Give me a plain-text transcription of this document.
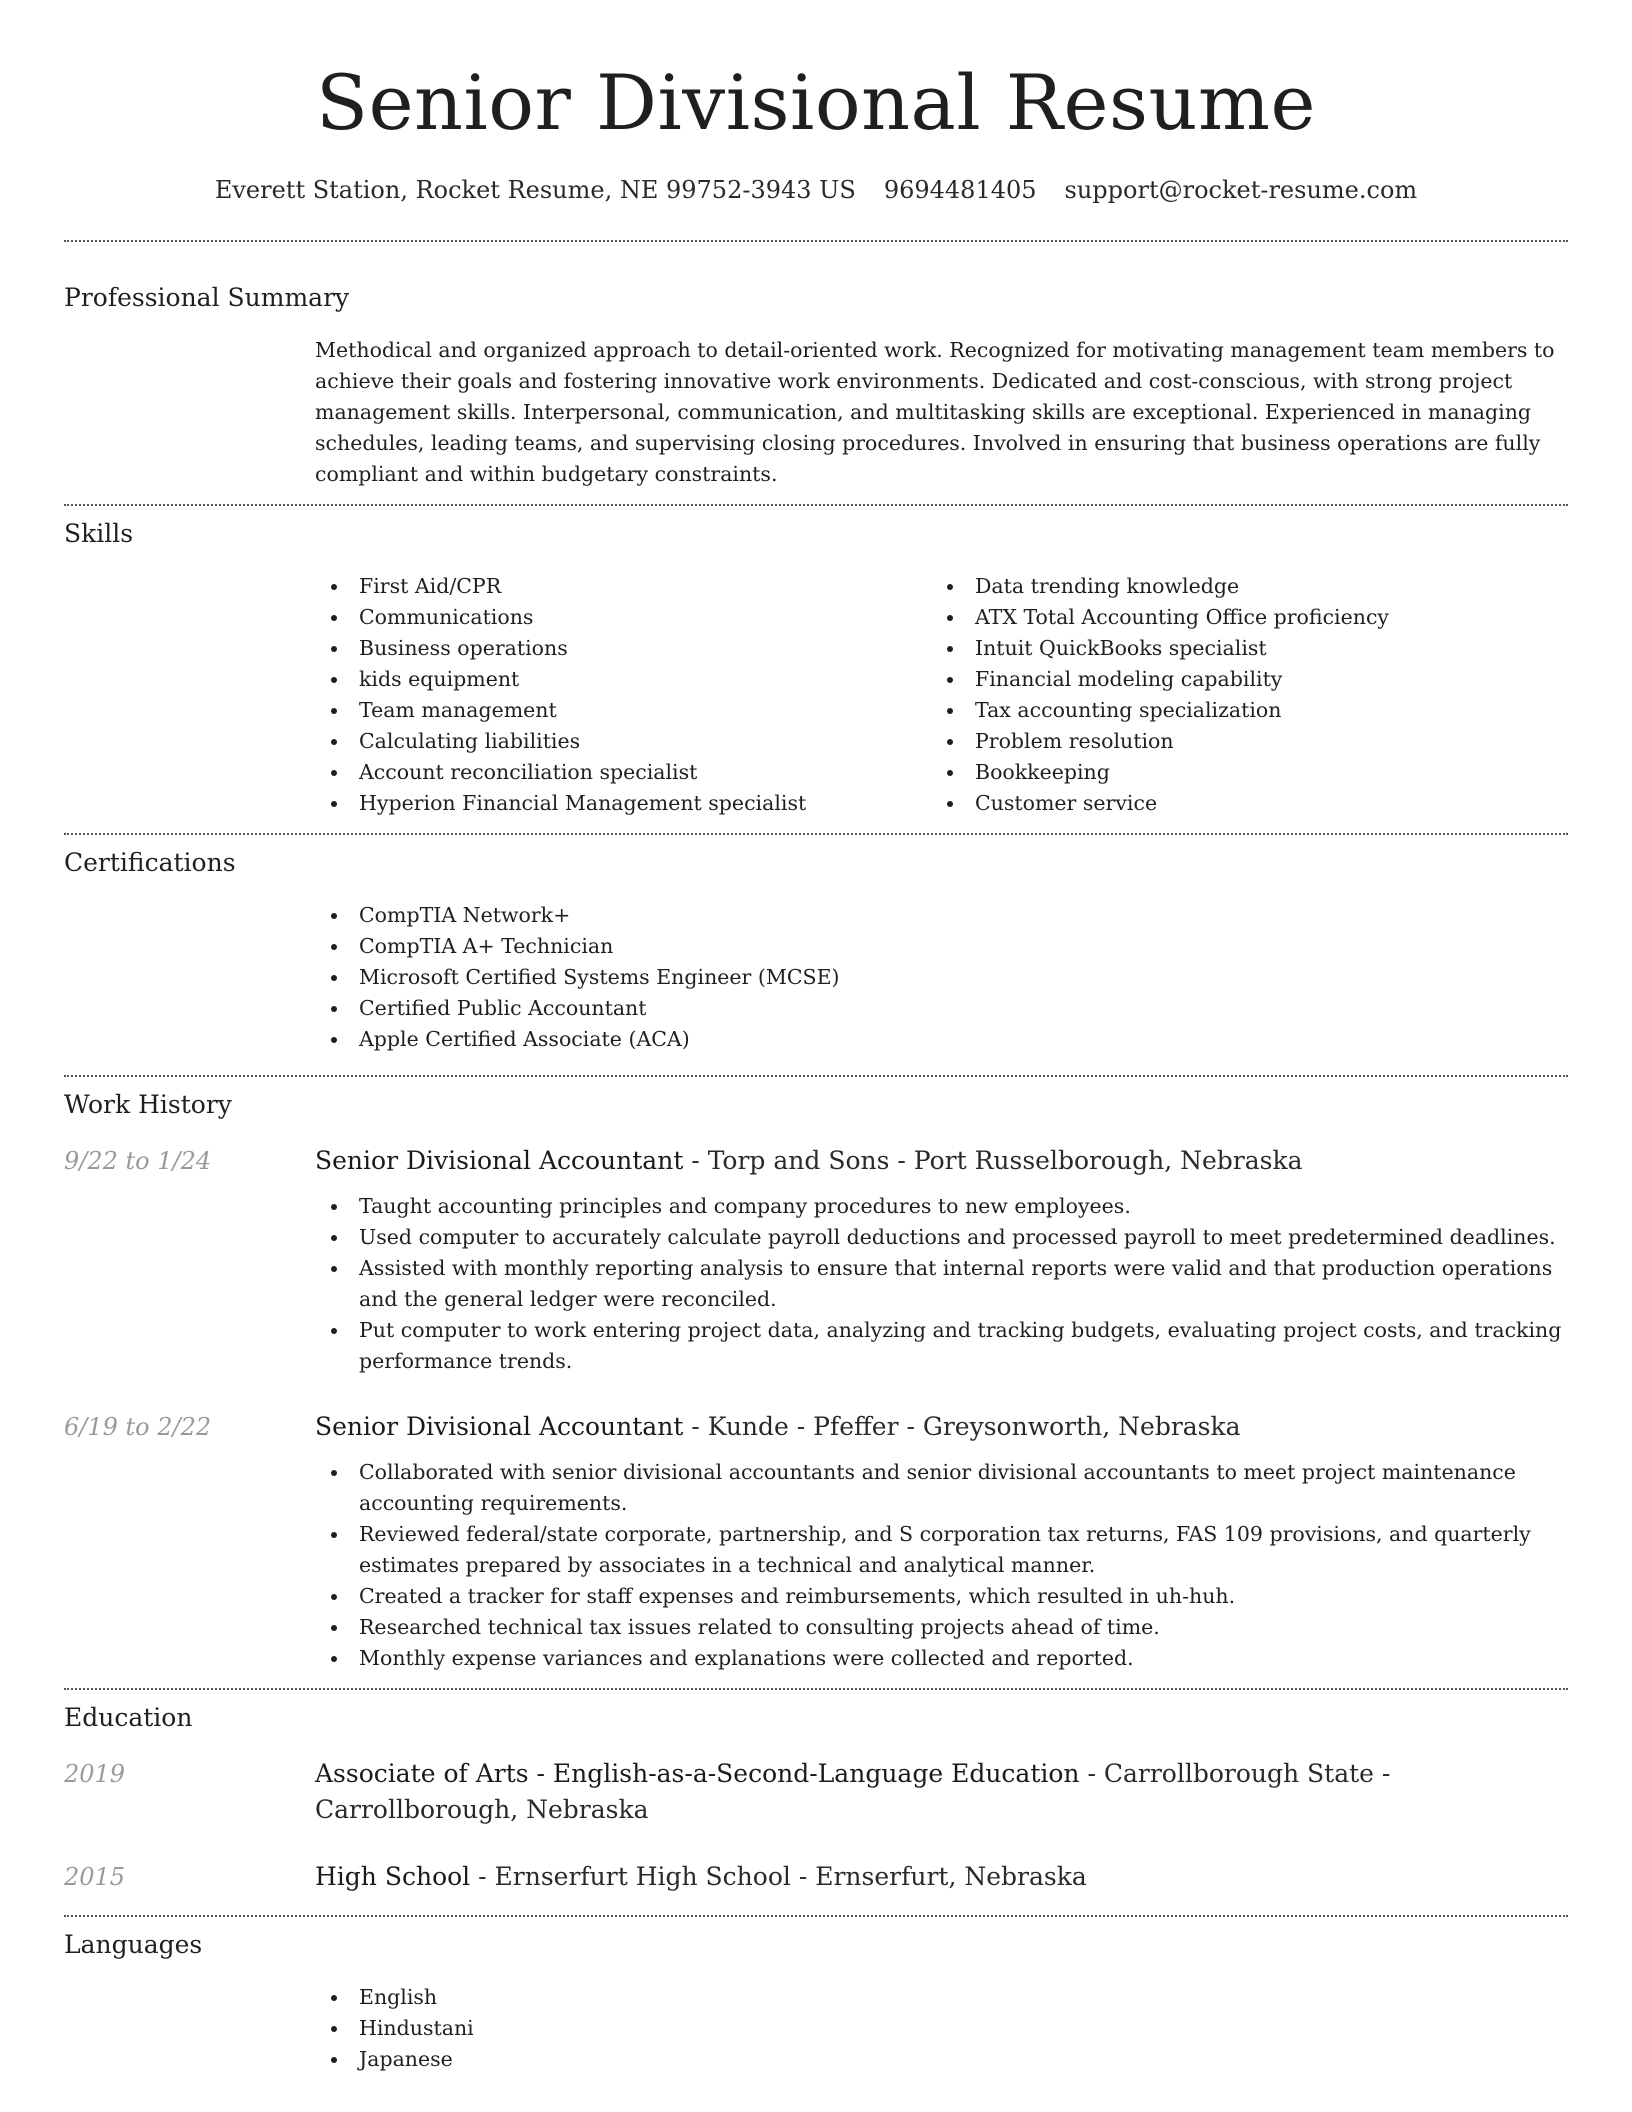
Senior Divisional Resume
Everett Station, Rocket Resume, NE 99752-3943 US 9694481405 support@rocket-resume.com
Professional Summary

Methodical and organized approach to detail-oriented work. Recognized for motivating management team members to achieve their goals and fostering innovative work environments. Dedicated and cost-conscious, with strong project management skills. Interpersonal, communication, and multitasking skills are exceptional. Experienced in managing schedules, leading teams, and supervising closing procedures. Involved in ensuring that business operations are fully compliant and within budgetary constraints.

Skills
First Aid/CPR
Communications
Business operations
kids equipment
Team management
Calculating liabilities
Account reconciliation specialist
Hyperion Financial Management specialist
Data trending knowledge
ATX Total Accounting Office proficiency
Intuit QuickBooks specialist
Financial modeling capability
Tax accounting specialization
Problem resolution
Bookkeeping
Customer service
Certifications
CompTIA Network+
CompTIA A+ Technician
Microsoft Certified Systems Engineer (MCSE)
Certified Public Accountant
Apple Certified Associate (ACA)
Work History
9/22 to 1/24	Senior Divisional Accountant - Torp and Sons - Port Russelborough, Nebraska
Taught accounting principles and company procedures to new employees.
Used computer to accurately calculate payroll deductions and processed payroll to meet predetermined deadlines.
Assisted with monthly reporting analysis to ensure that internal reports were valid and that production operations and the general ledger were reconciled.
Put computer to work entering project data, analyzing and tracking budgets, evaluating project costs, and tracking performance trends.
6/19 to 2/22	Senior Divisional Accountant - Kunde - Pfeffer - Greysonworth, Nebraska
Collaborated with senior divisional accountants and senior divisional accountants to meet project maintenance accounting requirements.
Reviewed federal/state corporate, partnership, and S corporation tax returns, FAS 109 provisions, and quarterly estimates prepared by associates in a technical and analytical manner.
Created a tracker for staff expenses and reimbursements, which resulted in uh-huh.
Researched technical tax issues related to consulting projects ahead of time.
Monthly expense variances and explanations were collected and reported.
Education
2019	Associate of Arts - English-as-a-Second-Language Education - Carrollborough State - Carrollborough, Nebraska
2015	High School - Ernserfurt High School - Ernserfurt, Nebraska
Languages
English
Hindustani
Japanese
